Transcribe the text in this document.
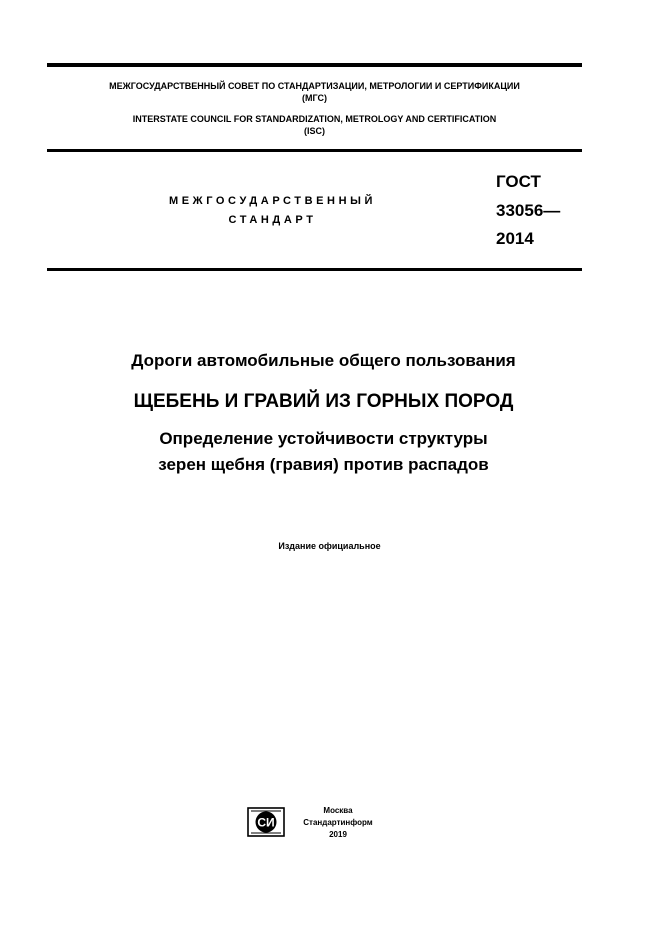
МЕЖГОСУДАРСТВЕННЫЙ СОВЕТ ПО СТАНДАРТИЗАЦИИ, МЕТРОЛОГИИ И СЕРТИФИКАЦИИ
(МГС)
INTERSTATE COUNCIL FOR STANDARDIZATION, METROLOGY AND CERTIFICATION
(ISC)
МЕЖГОСУДАРСТВЕННЫЙ
СТАНДАРТ
ГОСТ
33056—
2014
Дороги автомобильные общего пользования
ЩЕБЕНЬ И ГРАВИЙ ИЗ ГОРНЫХ ПОРОД
Определение устойчивости структуры
зерен щебня (гравия) против распадов
Издание официальное
СИ
Москва
Стандартинформ
2019
